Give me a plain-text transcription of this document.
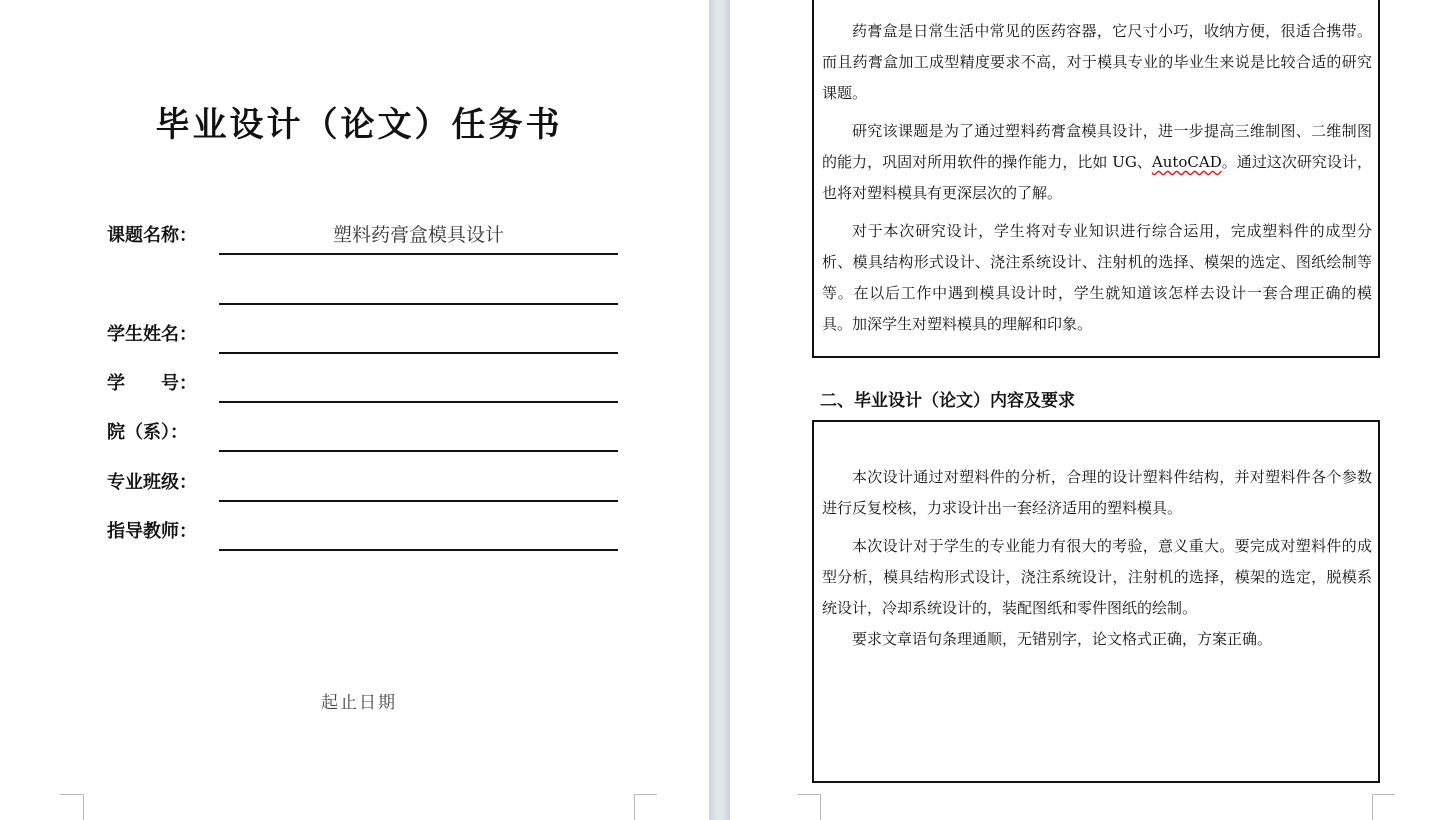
毕业设计（论文）任务书
课题名称：	塑料药膏盒模具设计
学生姓名：
学　　号：
院（系）：
专业班级：
指导教师：
起止日期

药膏盒是日常生活中常见的医药容器，它尺寸小巧，收纳方便，很适合携带。而且药膏盒加工成型精度要求不高，对于模具专业的毕业生来说是比较合适的研究课题。

研究该课题是为了通过塑料药膏盒模具设计，进一步提高三维制图、二维制图的能力，巩固对所用软件的操作能力，比如 UG、AutoCAD。通过这次研究设计，也将对塑料模具有更深层次的了解。

对于本次研究设计，学生将对专业知识进行综合运用，完成塑料件的成型分析、模具结构形式设计、浇注系统设计、注射机的选择、模架的选定、图纸绘制等等。在以后工作中遇到模具设计时，学生就知道该怎样去设计一套合理正确的模具。加深学生对塑料模具的理解和印象。

二、毕业设计（论文）内容及要求

本次设计通过对塑料件的分析，合理的设计塑料件结构，并对塑料件各个参数进行反复校核，力求设计出一套经济适用的塑料模具。

本次设计对于学生的专业能力有很大的考验，意义重大。要完成对塑料件的成型分析，模具结构形式设计，浇注系统设计，注射机的选择，模架的选定，脱模系统设计，冷却系统设计的，装配图纸和零件图纸的绘制。

要求文章语句条理通顺，无错别字，论文格式正确，方案正确。
